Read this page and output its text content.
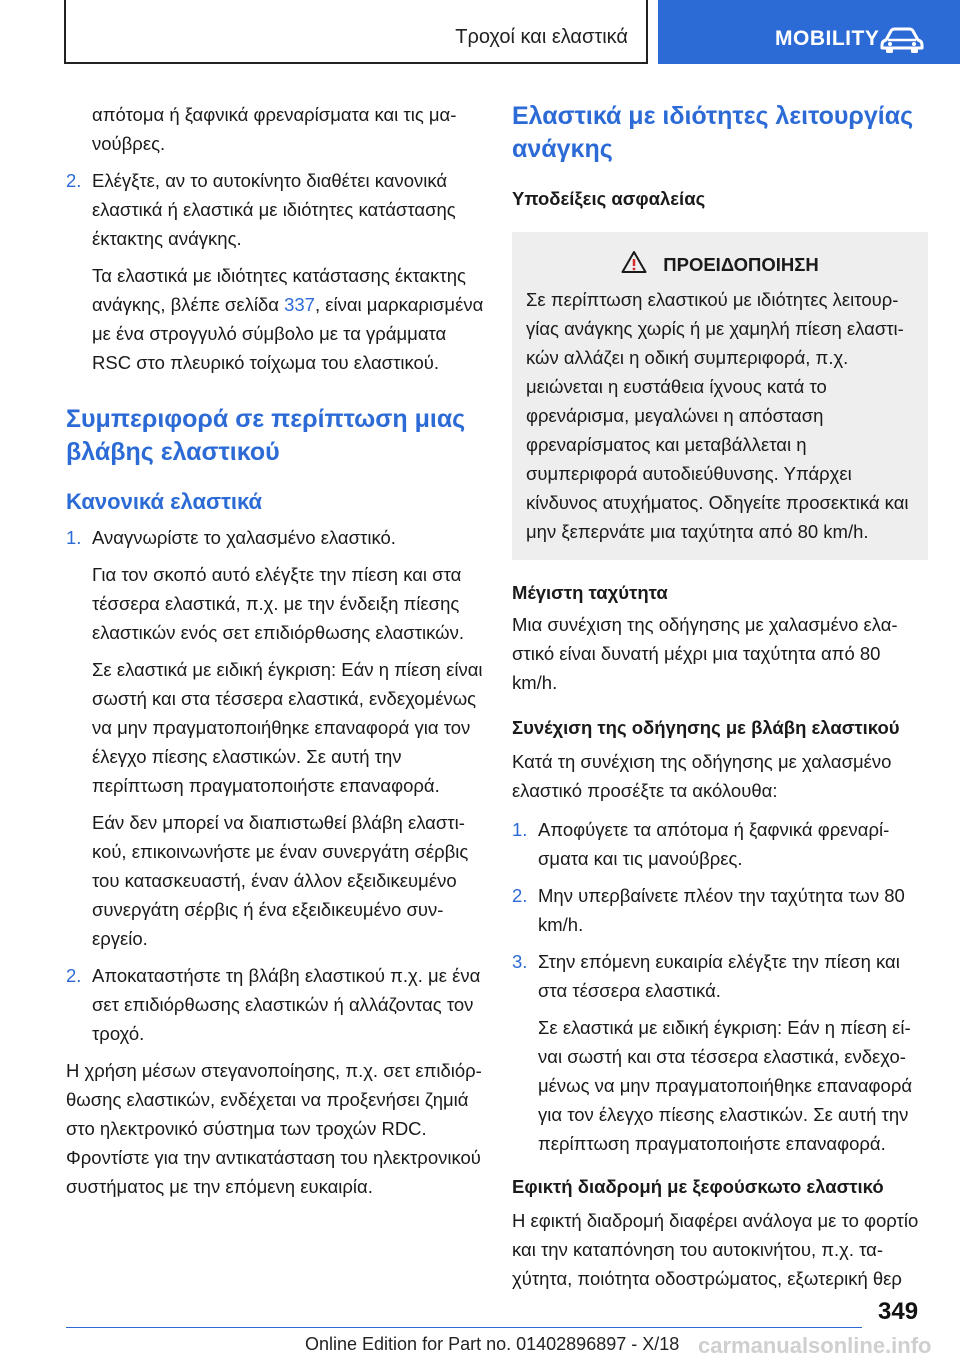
Τροχοί και ελαστικά	MOBILITY

απότομα ή ξαφνικά φρεναρίσματα και τις μανούβρες.

2. Ελέγξτε, αν το αυτοκίνητο διαθέτει κανονικά ελαστικά ή ελαστικά με ιδιότητες κατάστασης έκτακτης ανάγκης.

Τα ελαστικά με ιδιότητες κατάστασης έκτακτης ανάγκης, βλέπε σελίδα 337, είναι μαρκαρισμένα με ένα στρογγυλό σύμβολο με τα γράμματα RSC στο πλευρικό τοίχωμα του ελαστικού.

Συμπεριφορά σε περίπτωση μιας βλάβης ελαστικού
Κανονικά ελαστικά
1. Αναγνωρίστε το χαλασμένο ελαστικό.

Για τον σκοπό αυτό ελέγξτε την πίεση και στα τέσσερα ελαστικά, π.χ. με την ένδειξη πίεσης ελαστικών ενός σετ επιδιόρθωσης ελαστικών.

Σε ελαστικά με ειδική έγκριση: Εάν η πίεση είναι σωστή και στα τέσσερα ελαστικά, ενδεχομένως να μην πραγματοποιήθηκε επαναφορά για τον έλεγχο πίεσης ελαστικών. Σε αυτή την περίπτωση πραγματοποιήστε επαναφορά.

Εάν δεν μπορεί να διαπιστωθεί βλάβη ελαστικού, επικοινωνήστε με έναν συνεργάτη σέρβις του κατασκευαστή, έναν άλλον εξειδικευμένο συνεργάτη σέρβις ή ένα εξειδικευμένο συνεργείο.

2. Αποκαταστήστε τη βλάβη ελαστικού π.χ. με ένα σετ επιδιόρθωσης ελαστικών ή αλλάζοντας τον τροχό.

Η χρήση μέσων στεγανοποίησης, π.χ. σετ επιδιόρθωσης ελαστικών, ενδέχεται να προξενήσει ζημιά στο ηλεκτρονικό σύστημα των τροχών RDC. Φροντίστε για την αντικατάσταση του ηλεκτρονικού συστήματος με την επόμενη ευκαιρία.

Ελαστικά με ιδιότητες λειτουργίας ανάγκης
Υποδείξεις ασφαλείας
ΠΡΟΕΙΔΟΠΟΙΗΣΗ

Σε περίπτωση ελαστικού με ιδιότητες λειτουργίας ανάγκης χωρίς ή με χαμηλή πίεση ελαστικών αλλάζει η οδική συμπεριφορά, π.χ. μειώνεται η ευστάθεια ίχνους κατά το φρενάρισμα, μεγαλώνει η απόσταση φρεναρίσματος και μεταβάλλεται η συμπεριφορά αυτοδιεύθυνσης. Υπάρχει κίνδυνος ατυχήματος. Οδηγείτε προσεκτικά και μην ξεπερνάτε μια ταχύτητα από 80 km/h.

Μέγιστη ταχύτητα

Μια συνέχιση της οδήγησης με χαλασμένο ελαστικό είναι δυνατή μέχρι μια ταχύτητα από 80 km/h.

Συνέχιση της οδήγησης με βλάβη ελαστικού

Κατά τη συνέχιση της οδήγησης με χαλασμένο ελαστικό προσέξτε τα ακόλουθα:

1. Αποφύγετε τα απότομα ή ξαφνικά φρεναρίσματα και τις μανούβρες.
2. Μην υπερβαίνετε πλέον την ταχύτητα των 80 km/h.
3. Στην επόμενη ευκαιρία ελέγξτε την πίεση και στα τέσσερα ελαστικά.

Σε ελαστικά με ειδική έγκριση: Εάν η πίεση είναι σωστή και στα τέσσερα ελαστικά, ενδεχομένως να μην πραγματοποιήθηκε επαναφορά για τον έλεγχο πίεσης ελαστικών. Σε αυτή την περίπτωση πραγματοποιήστε επαναφορά.

Εφικτή διαδρομή με ξεφούσκωτο ελαστικό

Η εφικτή διαδρομή διαφέρει ανάλογα με το φορτίο και την καταπόνηση του αυτοκινήτου, π.χ. ταχύτητα, ποιότητα οδοστρώματος, εξωτερική θερ

349
Online Edition for Part no. 01402896897 - X/18 carmanualsonline.info
